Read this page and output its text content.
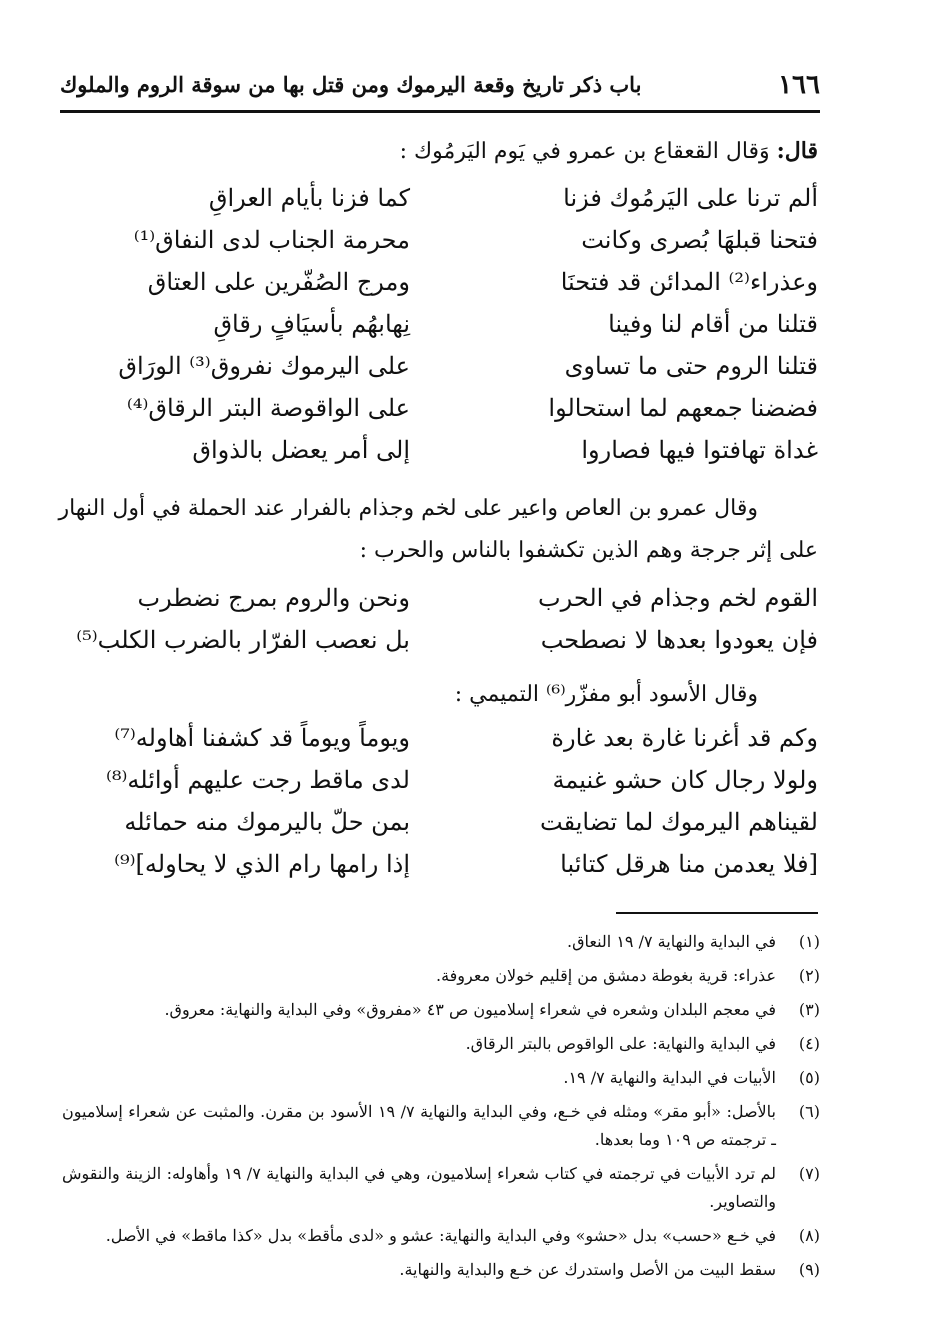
١٦٦
باب ذكر تاريخ وقعة اليرموك ومن قتل بها من سوقة الروم والملوك
قال: وَقال القعقاع بن عمرو في يَوم اليَرمُوك :
ألم ترنا على اليَرمُوك فزنا
كما فزنا بأيام العراقِ
فتحنا قبلهَا بُصرى وكانت
محرمة الجناب لدى النفاق⁽¹⁾
وعذراء⁽²⁾ المدائن قد فتحنَا
ومرج الصُفّرين على العتاق
قتلنا من أقام لنا وفينا
نِهابهُم بأسيَافٍ رقاقِ
قتلنا الروم حتى ما تساوى
على اليرموك نفروق⁽³⁾ الورَاق
فضضنا جمعهم لما استحالوا
على الواقوصة البتر الرقاق⁽⁴⁾
غداة تهافتوا فيها فصاروا
إلى أمر يعضل بالذواق
وقال عمرو بن العاص واعير على لخم وجذام بالفرار عند الحملة في أول النهار
على إثر جرجة وهم الذين تكشفوا بالناس والحرب :
القوم لخم وجذام في الحرب
ونحن والروم بمرج نضطرب
فإن يعودوا بعدها لا نصطحب
بل نعصب الفرّار بالضرب الكلب⁽⁵⁾
وقال الأسود أبو مفزّر⁽⁶⁾ التميمي :
وكم قد أغرنا غارة بعد غارة
ويوماً ويوماً قد كشفنا أهاوله⁽⁷⁾
ولولا رجال كان حشو غنيمة
لدى ماقط رجت عليهم أوائله⁽⁸⁾
لقيناهم اليرموك لما تضايقت
بمن حلّ باليرموك منه حمائله
[فلا يعدمن منا هرقل كتائبا
إذا رامها رام الذي لا يحاوله]⁽⁹⁾
(١)
في البداية والنهاية ٧/ ١٩ النعاق.
(٢)
عذراء: قرية بغوطة دمشق من إقليم خولان معروفة.
(٣)
في معجم البلدان وشعره في شعراء إسلاميون ص ٤٣ «مفروق» وفي البداية والنهاية: معروق.
(٤)
في البداية والنهاية: على الواقوص بالبتر الرقاق.
(٥)
الأبيات في البداية والنهاية ٧/ ١٩.
(٦)
بالأصل: «أبو مقر» ومثله في خـع، وفي البداية والنهاية ٧/ ١٩ الأسود بن مقرن. والمثبت عن شعراء إسلاميون ـ ترجمته ص ١٠٩ وما بعدها.
(٧)
لم ترد الأبيات في ترجمته في كتاب شعراء إسلاميون، وهي في البداية والنهاية ٧/ ١٩ وأهاوله: الزينة والنقوش والتصاوير.
(٨)
في خـع «حسب» بدل «حشو» وفي البداية والنهاية: عشو و «لدى مأقط» بدل «كذا ماقط» في الأصل.
(٩)
سقط البيت من الأصل واستدرك عن خـع والبداية والنهاية.
